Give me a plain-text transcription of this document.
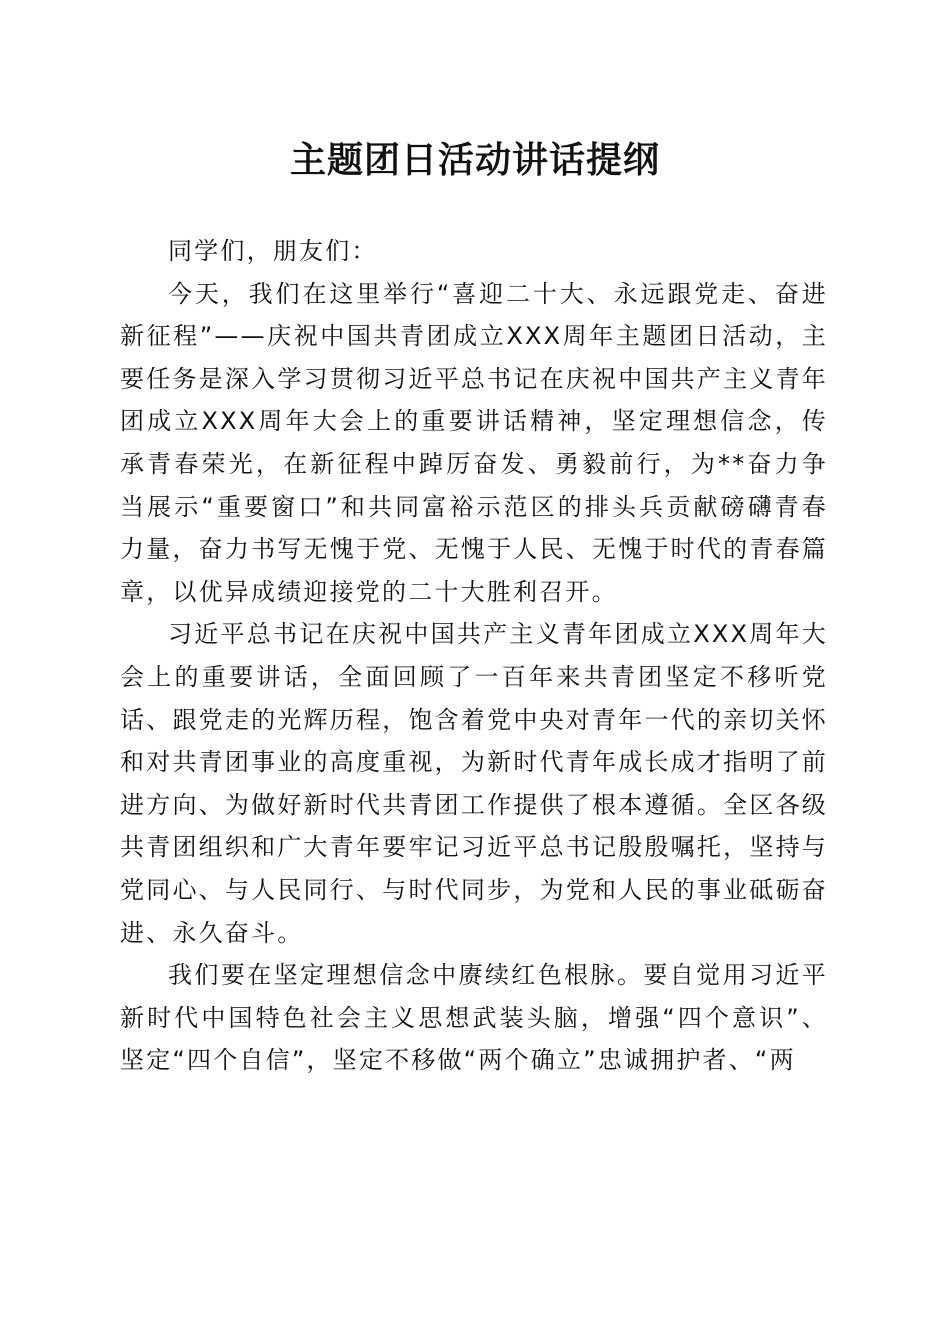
主题团日活动讲话提纲

同学们，朋友们：

今天，我们在这里举行“喜迎二十大、永远跟党走、奋进新征程”——庆祝中国共青团成立XXX周年主题团日活动，主要任务是深入学习贯彻习近平总书记在庆祝中国共产主义青年团成立XXX周年大会上的重要讲话精神，坚定理想信念，传承青春荣光，在新征程中踔厉奋发、勇毅前行，为**奋力争当展示“重要窗口”和共同富裕示范区的排头兵贡献磅礴青春力量，奋力书写无愧于党、无愧于人民、无愧于时代的青春篇章，以优异成绩迎接党的二十大胜利召开。

习近平总书记在庆祝中国共产主义青年团成立XXX周年大会上的重要讲话，全面回顾了一百年来共青团坚定不移听党话、跟党走的光辉历程，饱含着党中央对青年一代的亲切关怀和对共青团事业的高度重视，为新时代青年成长成才指明了前进方向、为做好新时代共青团工作提供了根本遵循。全区各级共青团组织和广大青年要牢记习近平总书记殷殷嘱托，坚持与党同心、与人民同行、与时代同步，为党和人民的事业砥砺奋进、永久奋斗。

我们要在坚定理想信念中赓续红色根脉。要自觉用习近平新时代中国特色社会主义思想武装头脑，增强“四个意识”、坚定“四个自信”，坚定不移做“两个确立”忠诚拥护者、“两
